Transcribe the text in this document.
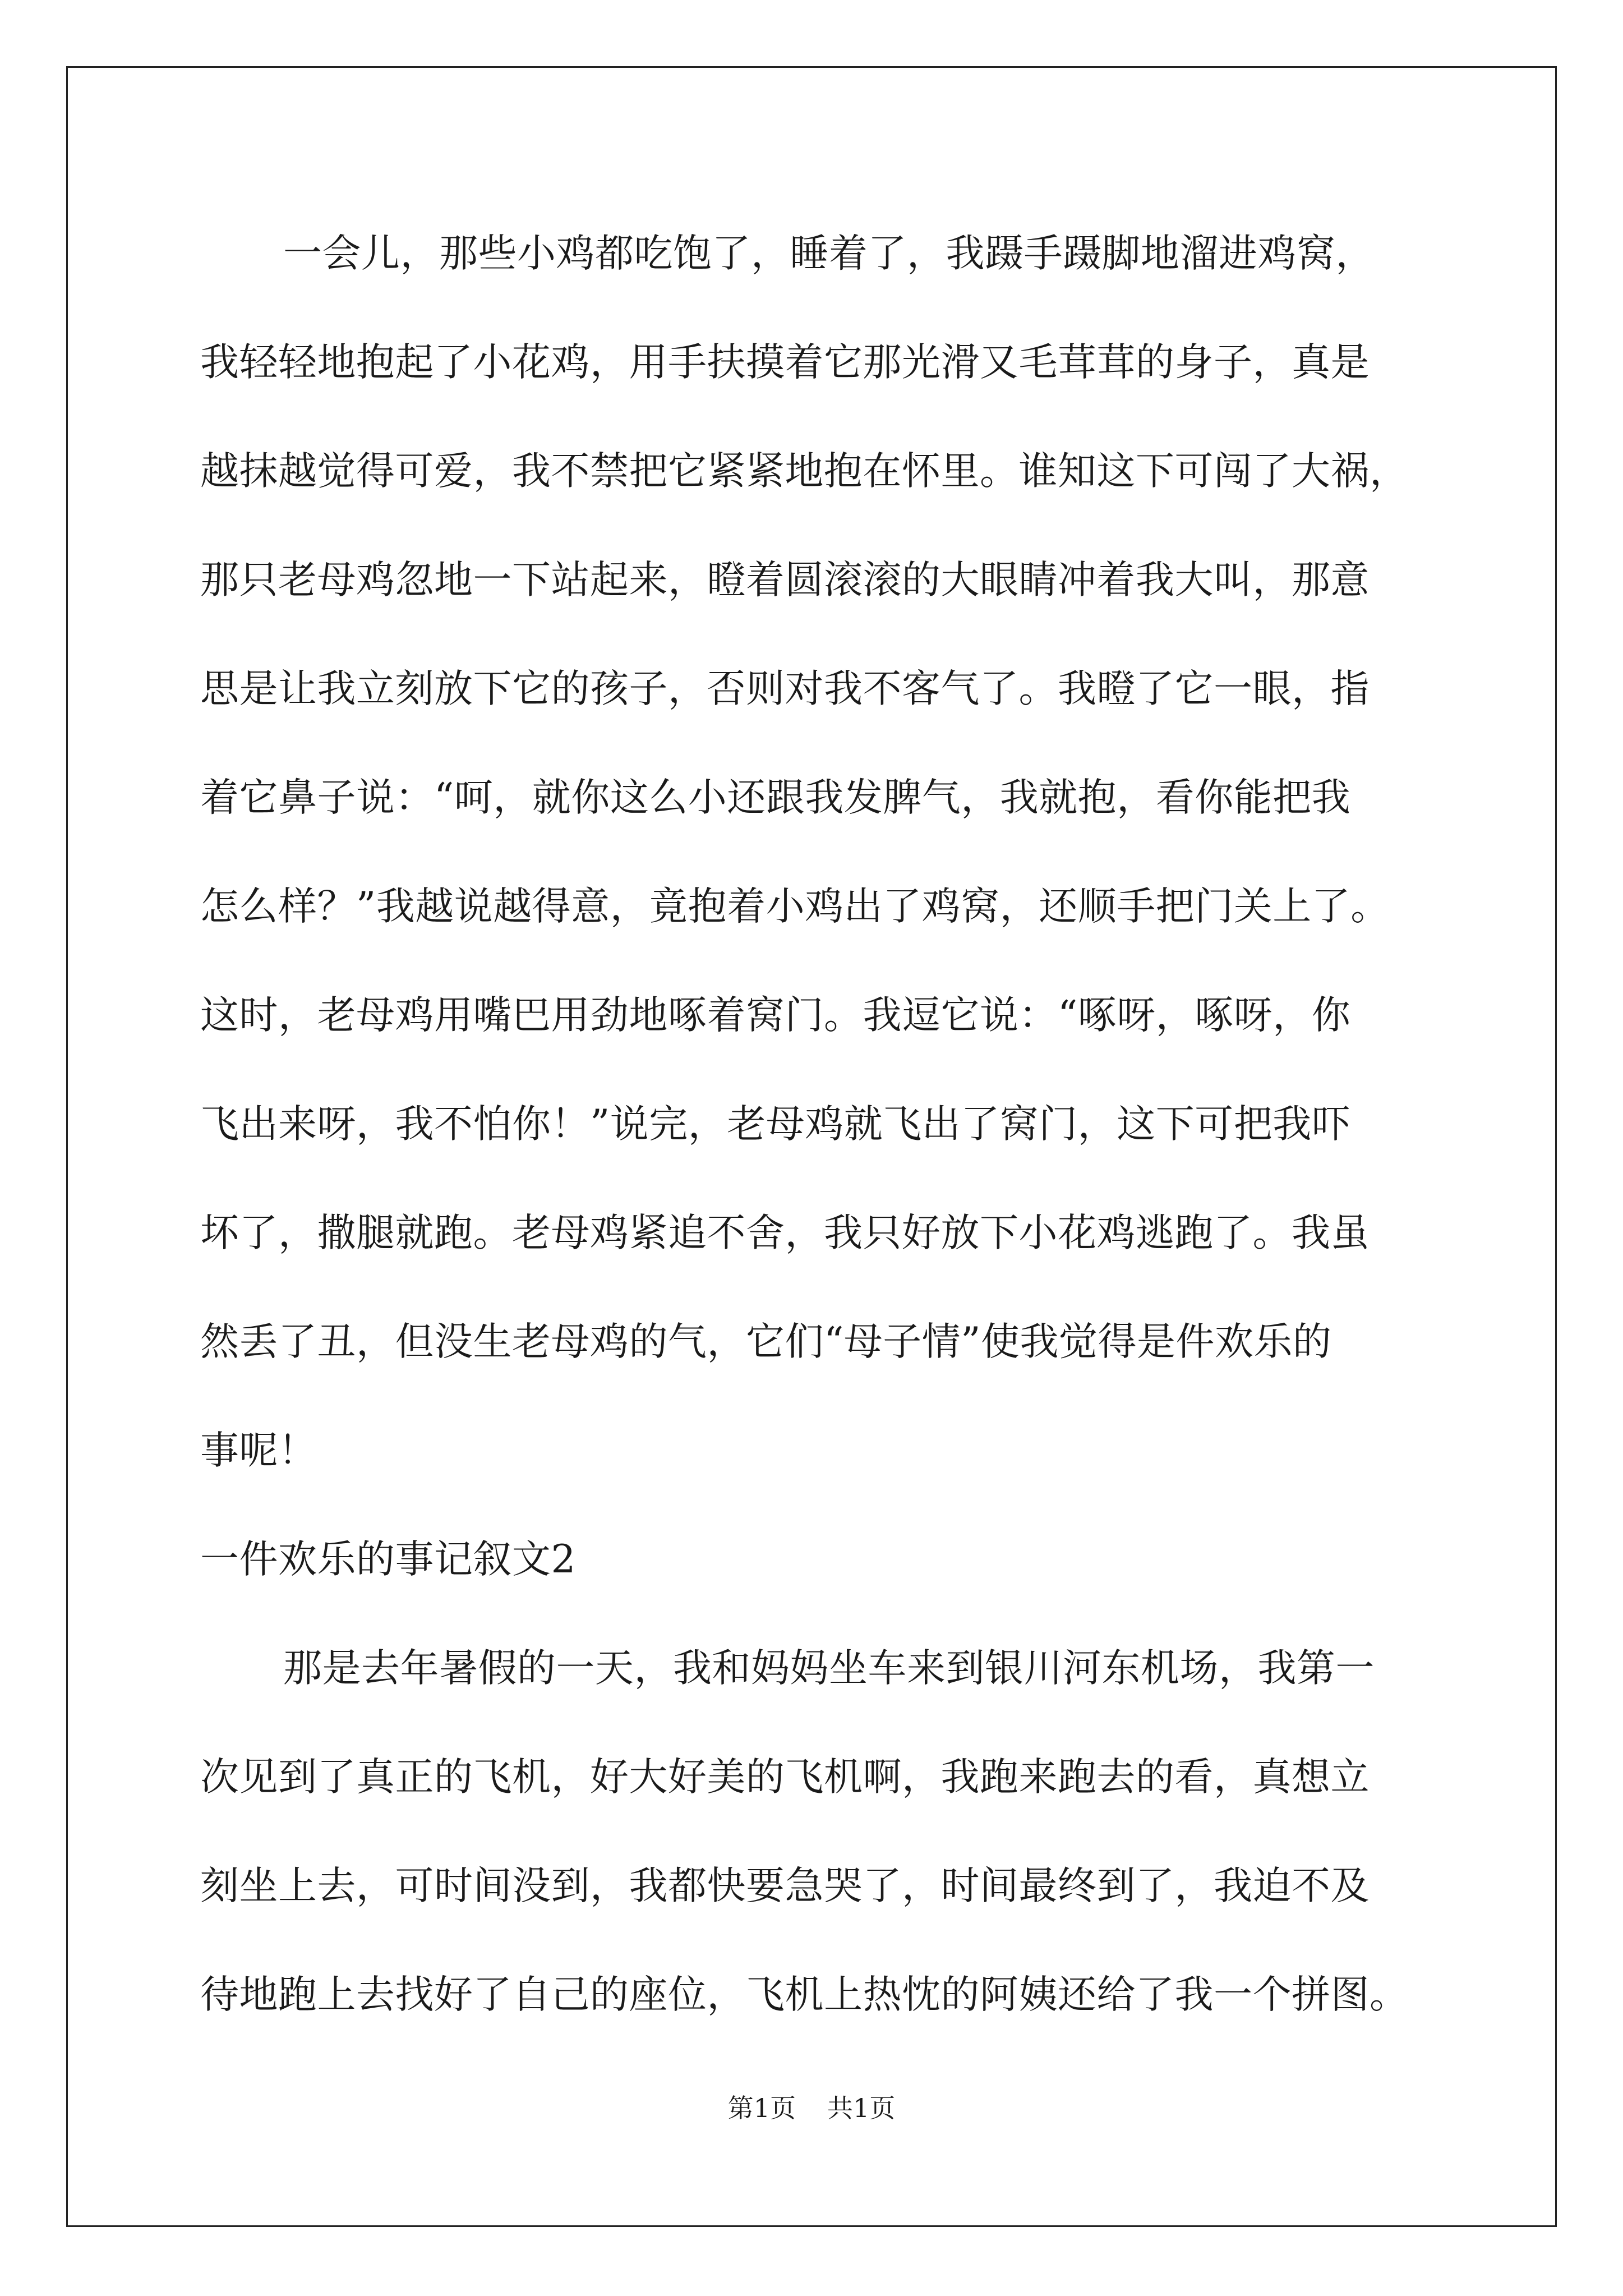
一会儿，那些小鸡都吃饱了，睡着了，我蹑手蹑脚地溜进鸡窝，
我轻轻地抱起了小花鸡，用手扶摸着它那光滑又毛茸茸的身子，真是
越抹越觉得可爱，我不禁把它紧紧地抱在怀里。谁知这下可闯了大祸，
那只老母鸡忽地一下站起来，瞪着圆滚滚的大眼睛冲着我大叫，那意
思是让我立刻放下它的孩子，否则对我不客气了。我瞪了它一眼，指
着它鼻子说：“呵，就你这么小还跟我发脾气，我就抱，看你能把我
怎么样？”我越说越得意，竟抱着小鸡出了鸡窝，还顺手把门关上了。
这时，老母鸡用嘴巴用劲地啄着窝门。我逗它说：“啄呀，啄呀，你
飞出来呀，我不怕你！”说完，老母鸡就飞出了窝门，这下可把我吓
坏了，撒腿就跑。老母鸡紧追不舍，我只好放下小花鸡逃跑了。我虽
然丢了丑，但没生老母鸡的气，它们“母子情”使我觉得是件欢乐的
事呢！
一件欢乐的事记叙文2
那是去年暑假的一天，我和妈妈坐车来到银川河东机场，我第一
次见到了真正的飞机，好大好美的飞机啊，我跑来跑去的看，真想立
刻坐上去，可时间没到，我都快要急哭了，时间最终到了，我迫不及
待地跑上去找好了自己的座位，飞机上热忱的阿姨还给了我一个拼图。
第1页 共1页
